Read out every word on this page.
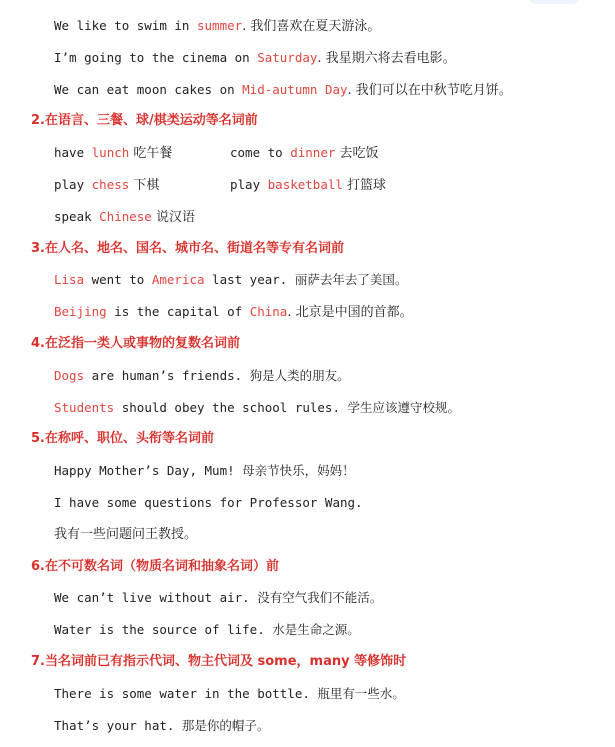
We like to swim in summer. 我们喜欢在夏天游泳。
I’m going to the cinema on Saturday. 我星期六将去看电影。
We can eat moon cakes on Mid-autumn Day. 我们可以在中秋节吃月饼。
2.在语言、三餐、球/棋类运动等名词前
have lunch 吃午餐	come to dinner 去吃饭
play chess 下棋	play basketball 打篮球
speak Chinese 说汉语
3.在人名、地名、国名、城市名、街道名等专有名词前
Lisa went to America last year. 丽萨去年去了美国。
Beijing is the capital of China. 北京是中国的首都。
4.在泛指一类人或事物的复数名词前
Dogs are human’s friends. 狗是人类的朋友。
Students should obey the school rules. 学生应该遵守校规。
5.在称呼、职位、头衔等名词前
Happy Mother’s Day, Mum! 母亲节快乐，妈妈！
I have some questions for Professor Wang.
我有一些问题问王教授。
6.在不可数名词（物质名词和抽象名词）前
We can’t live without air. 没有空气我们不能活。
Water is the source of life. 水是生命之源。
7.当名词前已有指示代词、物主代词及 some，many 等修饰时
There is some water in the bottle. 瓶里有一些水。
That’s your hat. 那是你的帽子。
